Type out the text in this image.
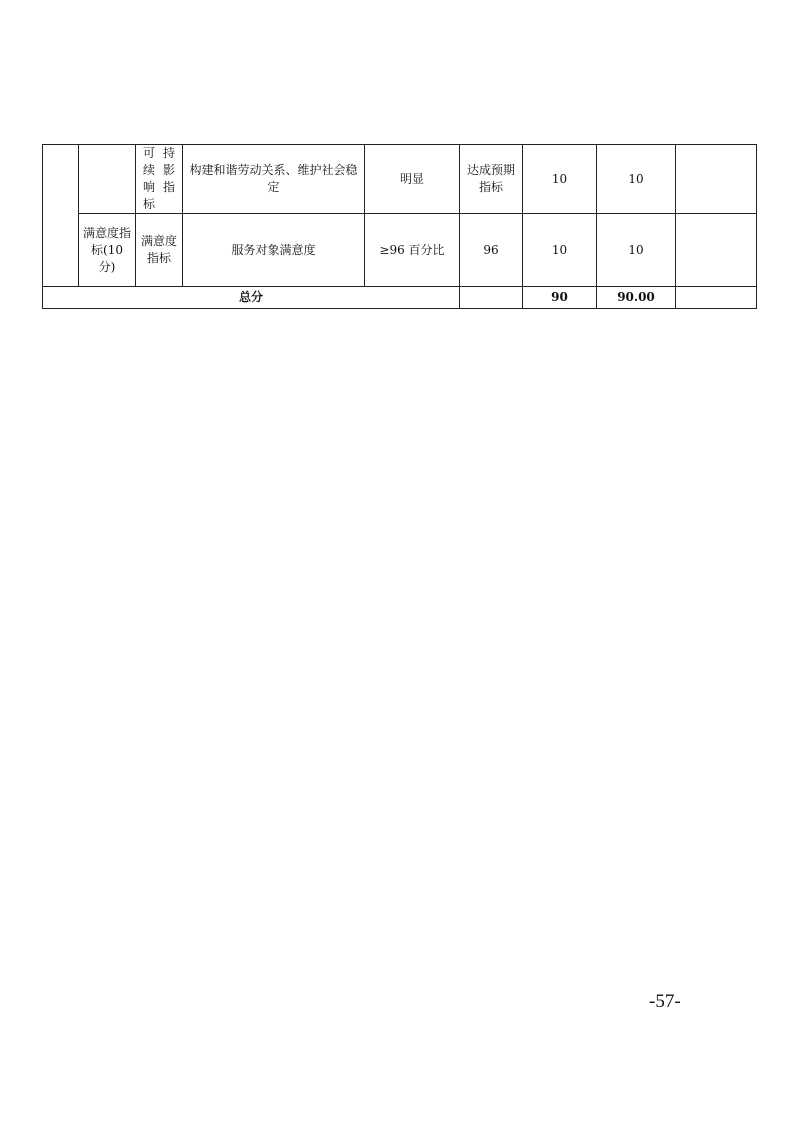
		可 持 续 影 响 指 标	构建和谐劳动关系、维护社会稳定	明显	达成预期指标	10	10	
	满意度指标(10分)	满意度指标	服务对象满意度	≥96 百分比	96	10	10	
总分						90	90.00	
-57-
